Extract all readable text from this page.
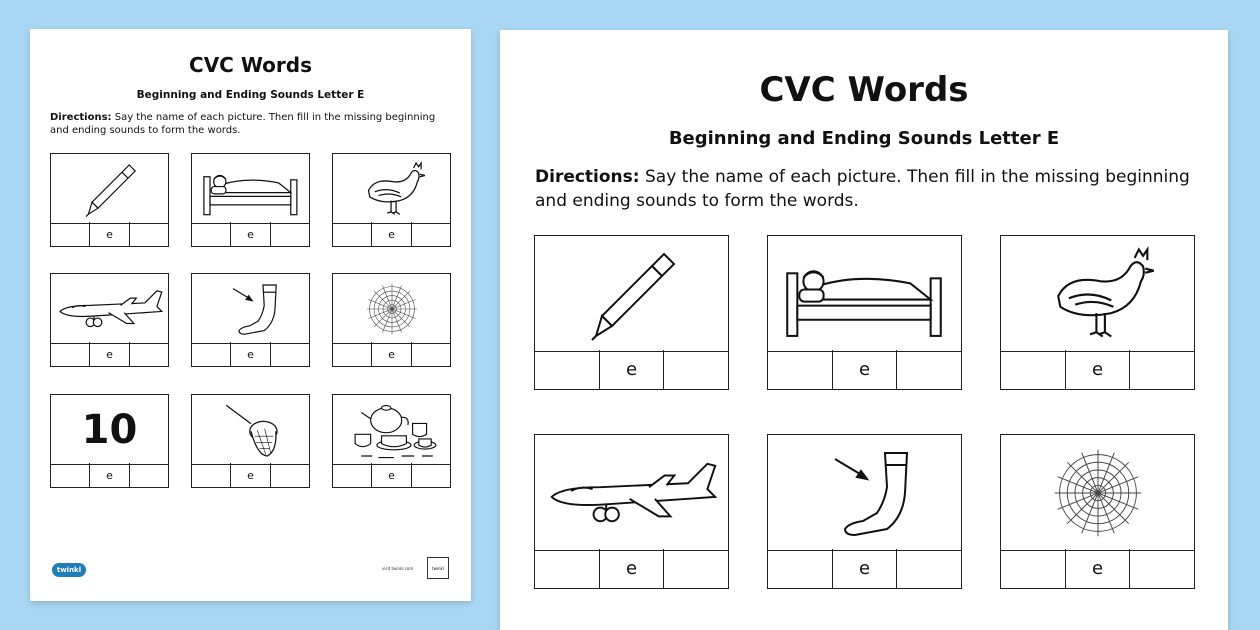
CVC Words
Beginning and Ending Sounds Letter E
Directions: Say the name of each picture. Then fill in the missing beginning and ending sounds to form the words.
e	e	e
e	e	e
10
e	e	e
twinkl	visit twinkl.com	twinkl
CVC Words
Beginning and Ending Sounds Letter E
Directions: Say the name of each picture. Then fill in the missing beginning and ending sounds to form the words.
e	e	e
e	e	e
